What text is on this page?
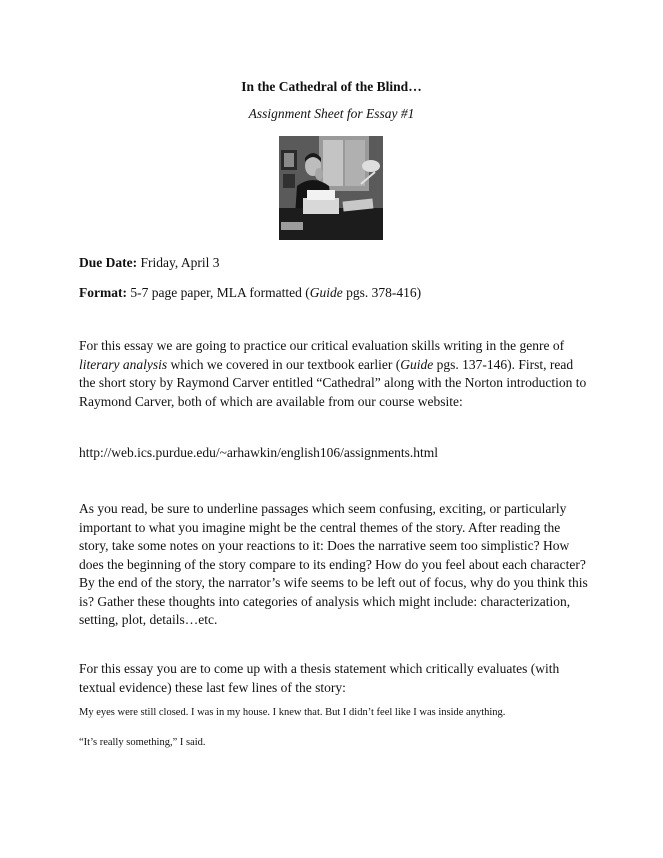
In the Cathedral of the Blind…
Assignment Sheet for Essay #1
Due Date: Friday, April 3
Format: 5-7 page paper, MLA formatted (Guide pgs. 378-416)

For this essay we are going to practice our critical evaluation skills writing in the genre of literary analysis which we covered in our textbook earlier (Guide pgs. 137-146). First, read the short story by Raymond Carver entitled “Cathedral” along with the Norton introduction to Raymond Carver, both of which are available from our course website:

http://web.ics.purdue.edu/~arhawkin/english106/assignments.html

As you read, be sure to underline passages which seem confusing, exciting, or particularly important to what you imagine might be the central themes of the story. After reading the story, take some notes on your reactions to it: Does the narrative seem too simplistic? How does the beginning of the story compare to its ending? How do you feel about each character? By the end of the story, the narrator’s wife seems to be left out of focus, why do you think this is? Gather these thoughts into categories of analysis which might include: characterization, setting, plot, details…etc.

For this essay you are to come up with a thesis statement which critically evaluates (with textual evidence) these last few lines of the story:

My eyes were still closed. I was in my house. I knew that. But I didn’t feel like I was inside anything.
“It’s really something,” I said.
